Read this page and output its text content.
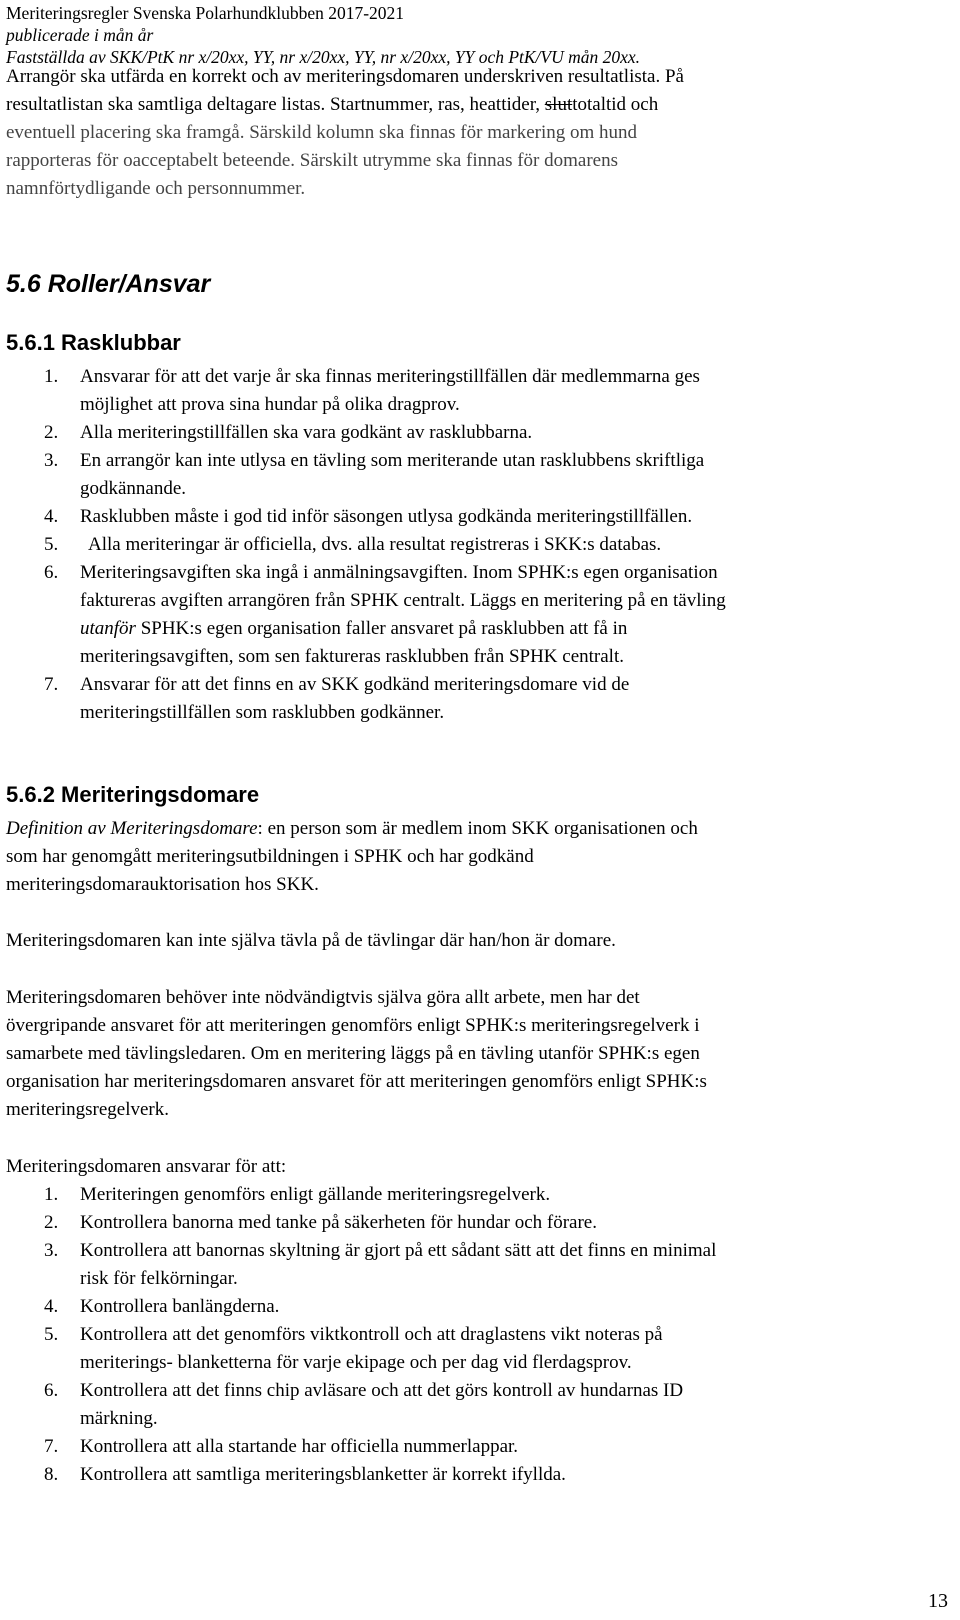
Meriteringsregler Svenska Polarhundklubben 2017-2021
publicerade i mån år
Fastställda av SKK/PtK nr x/20xx, YY, nr x/20xx, YY, nr x/20xx, YY och PtK/VU mån 20xx.
Arrangör ska utfärda en korrekt och av meriteringsdomaren underskriven resultatlista. På
resultatlistan ska samtliga deltagare listas. Startnummer, ras, heattider, sluttotaltid och
eventuell placering ska framgå. Särskild kolumn ska finnas för markering om hund
rapporteras för oacceptabelt beteende. Särskilt utrymme ska finnas för domarens
namnförtydligande och personnummer.
5.6 Roller/Ansvar
5.6.1 Rasklubbar
1. Ansvarar för att det varje år ska finnas meriteringstillfällen där medlemmarna ges
möjlighet att prova sina hundar på olika dragprov.
2. Alla meriteringstillfällen ska vara godkänt av rasklubbarna.
3. En arrangör kan inte utlysa en tävling som meriterande utan rasklubbens skriftliga
godkännande.
4. Rasklubben måste i god tid inför säsongen utlysa godkända meriteringstillfällen.
5. Alla meriteringar är officiella, dvs. alla resultat registreras i SKK:s databas.
6. Meriteringsavgiften ska ingå i anmälningsavgiften. Inom SPHK:s egen organisation
faktureras avgiften arrangören från SPHK centralt. Läggs en meritering på en tävling
utanför SPHK:s egen organisation faller ansvaret på rasklubben att få in
meriteringsavgiften, som sen faktureras rasklubben från SPHK centralt.
7. Ansvarar för att det finns en av SKK godkänd meriteringsdomare vid de
meriteringstillfällen som rasklubben godkänner.
5.6.2 Meriteringsdomare
Definition av Meriteringsdomare: en person som är medlem inom SKK organisationen och
som har genomgått meriteringsutbildningen i SPHK och har godkänd
meriteringsdomarauktorisation hos SKK.
Meriteringsdomaren kan inte själva tävla på de tävlingar där han/hon är domare.
Meriteringsdomaren behöver inte nödvändigtvis själva göra allt arbete, men har det
övergripande ansvaret för att meriteringen genomförs enligt SPHK:s meriteringsregelverk i
samarbete med tävlingsledaren. Om en meritering läggs på en tävling utanför SPHK:s egen
organisation har meriteringsdomaren ansvaret för att meriteringen genomförs enligt SPHK:s
meriteringsregelverk.
Meriteringsdomaren ansvarar för att:
1. Meriteringen genomförs enligt gällande meriteringsregelverk.
2. Kontrollera banorna med tanke på säkerheten för hundar och förare.
3. Kontrollera att banornas skyltning är gjort på ett sådant sätt att det finns en minimal
risk för felkörningar.
4. Kontrollera banlängderna.
5. Kontrollera att det genomförs viktkontroll och att draglastens vikt noteras på
meriterings- blanketterna för varje ekipage och per dag vid flerdagsprov.
6. Kontrollera att det finns chip avläsare och att det görs kontroll av hundarnas ID
märkning.
7. Kontrollera att alla startande har officiella nummerlappar.
8. Kontrollera att samtliga meriteringsblanketter är korrekt ifyllda.
13
